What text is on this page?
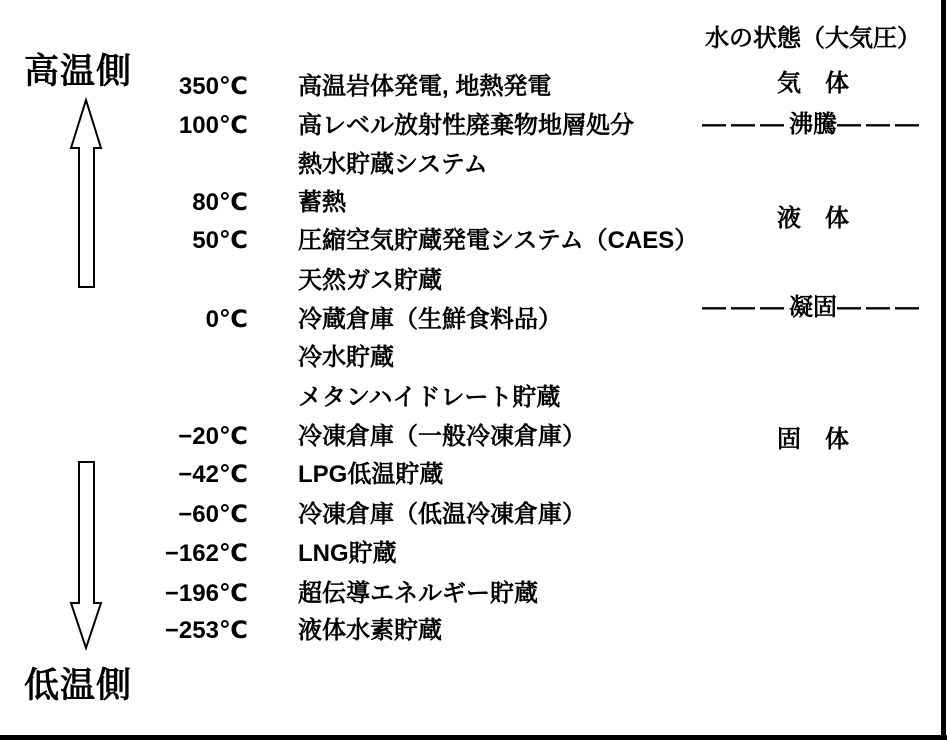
高温側
低温側
350℃ 高温岩体発電, 地熱発電
100℃ 高レベル放射性廃棄物地層処分
熱水貯蔵システム
80℃ 蓄熱
50℃ 圧縮空気貯蔵発電システム（CAES）
天然ガス貯蔵
0℃ 冷蔵倉庫（生鮮食料品）
冷水貯蔵
メタンハイドレート貯蔵
−20℃ 冷凍倉庫（一般冷凍倉庫）
−42℃ LPG低温貯蔵
−60℃ 冷凍倉庫（低温冷凍倉庫）
−162℃ LNG貯蔵
−196℃ 超伝導エネルギー貯蔵
−253℃ 液体水素貯蔵
水の状態（大気圧）
気　体
―――沸騰―――
液　体
―――凝固―――
固　体
